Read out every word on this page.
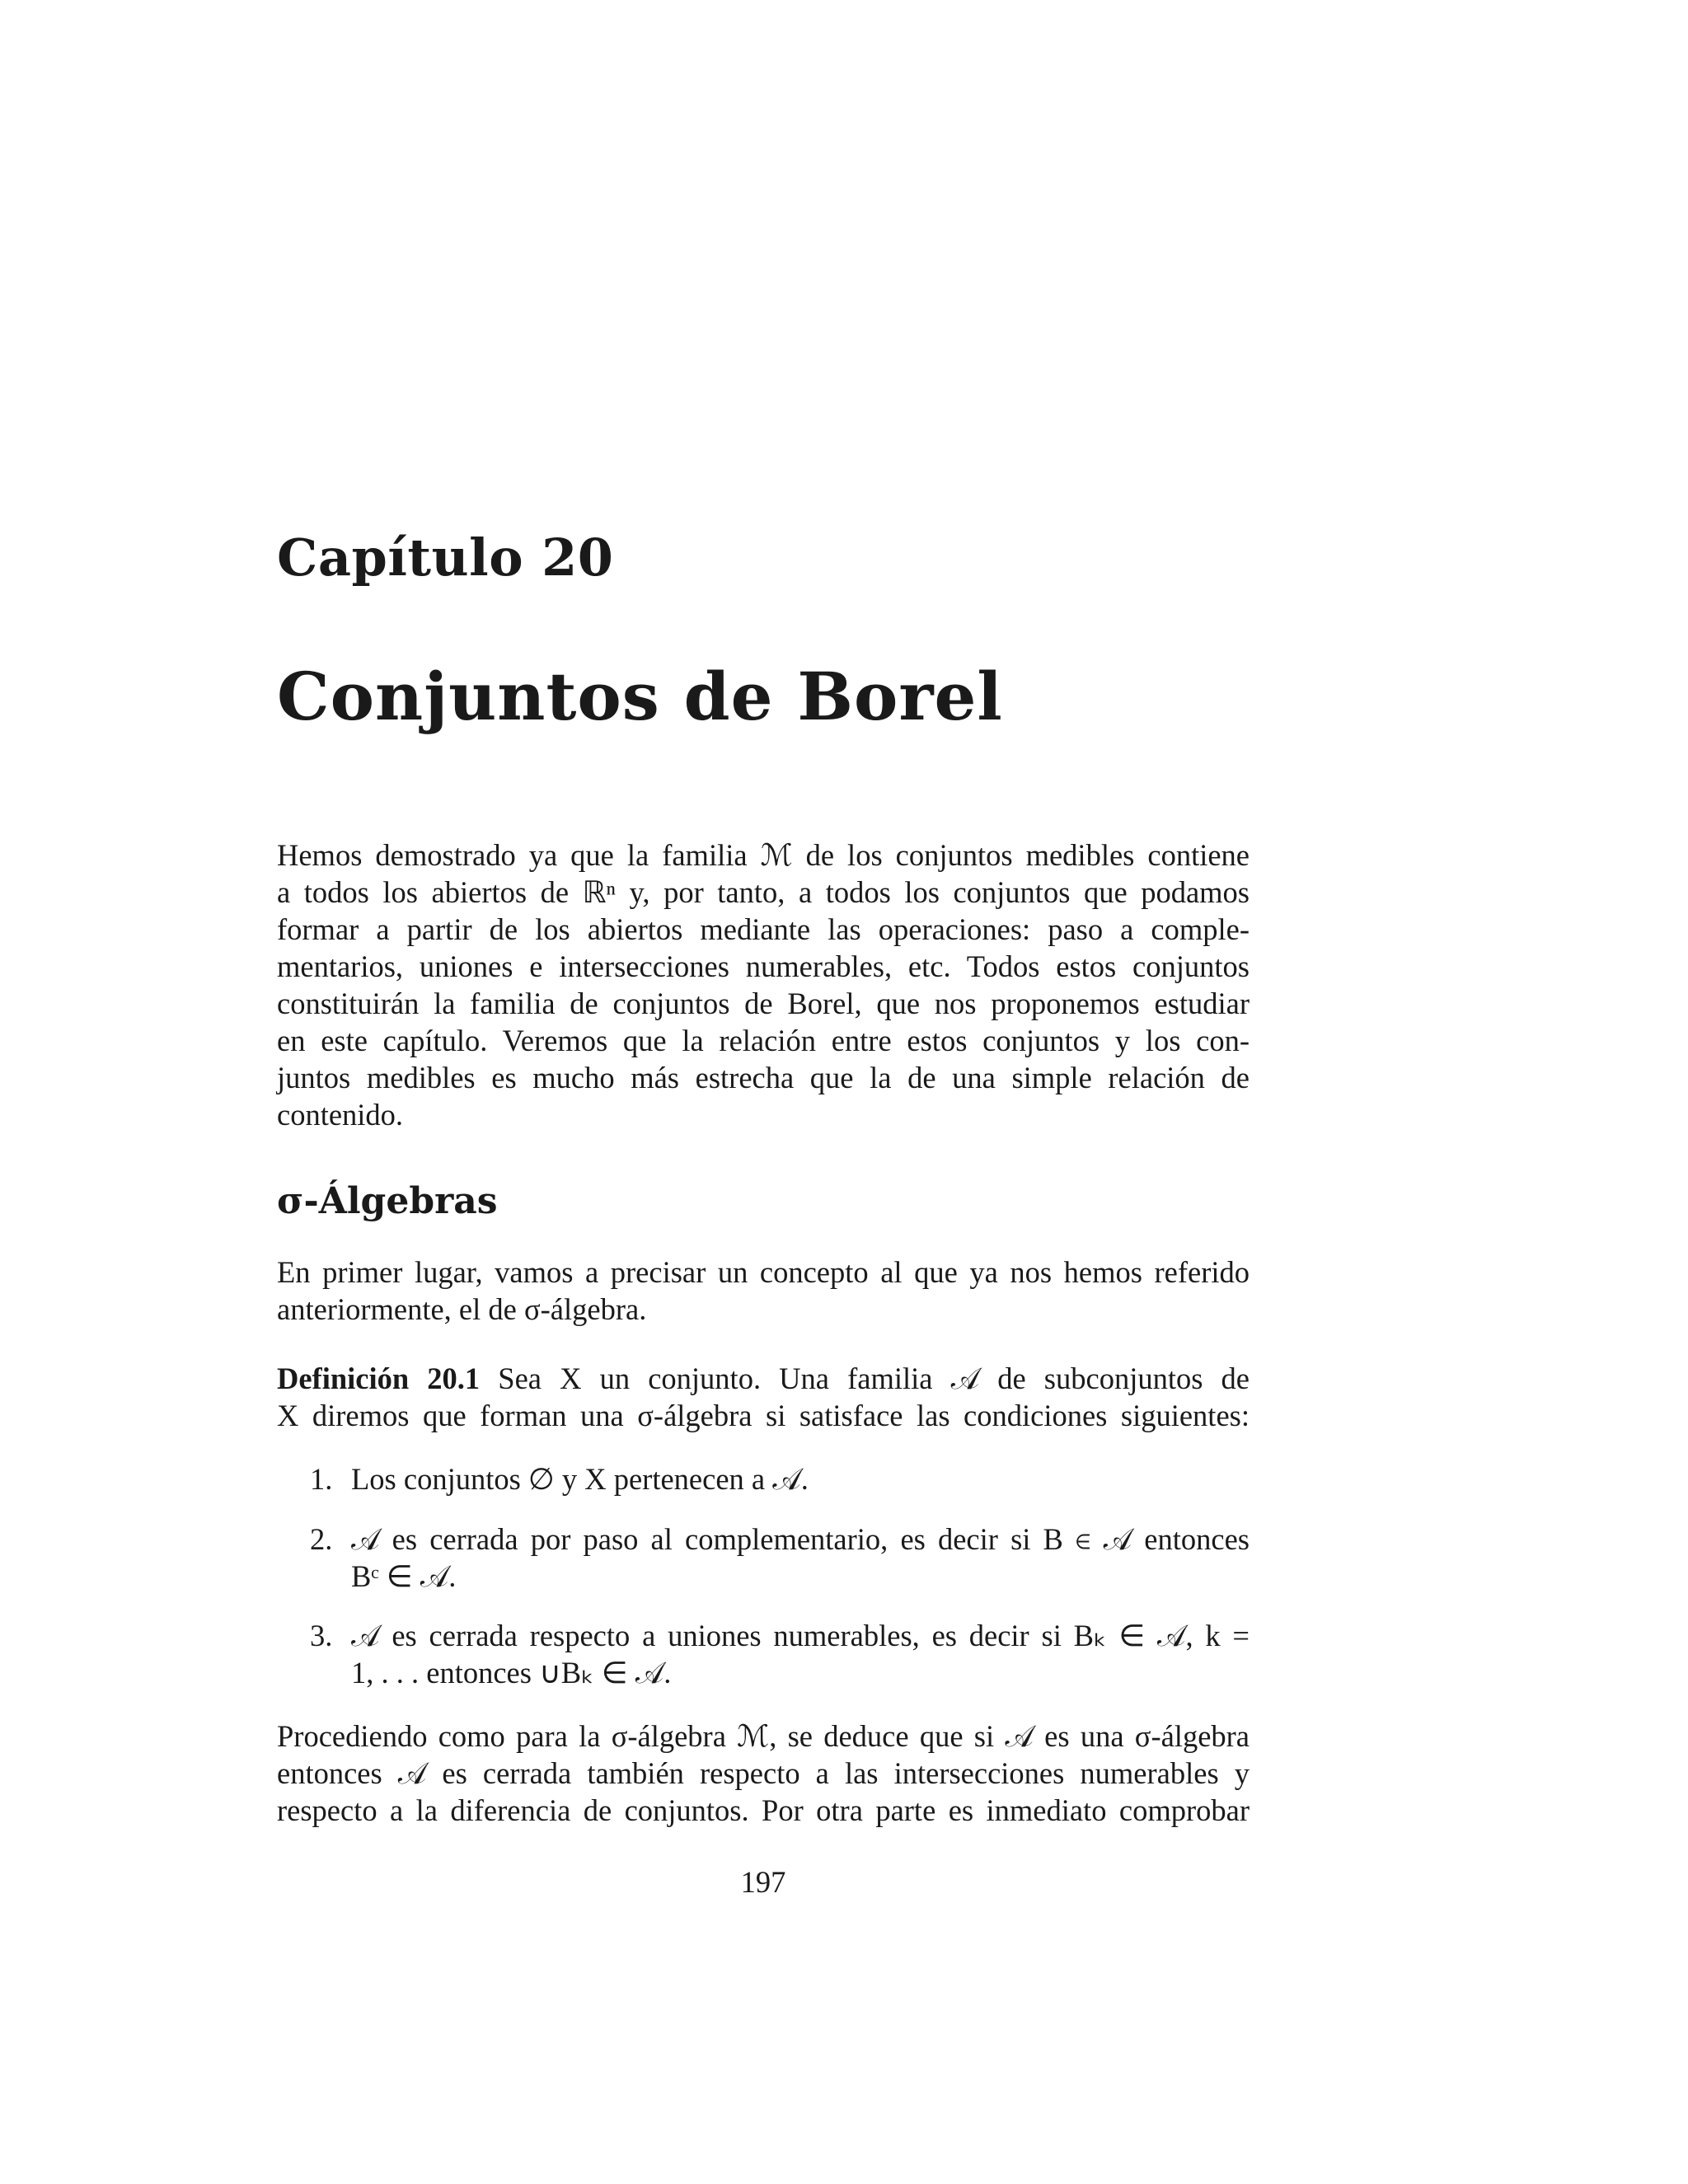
Capítulo 20
Conjuntos de Borel
Hemos demostrado ya que la familia ℳ de los conjuntos medibles contiene
a todos los abiertos de ℝⁿ y, por tanto, a todos los conjuntos que podamos
formar a partir de los abiertos mediante las operaciones: paso a comple-
mentarios, uniones e intersecciones numerables, etc. Todos estos conjuntos
constituirán la familia de conjuntos de Borel, que nos proponemos estudiar
en este capítulo. Veremos que la relación entre estos conjuntos y los con-
juntos medibles es mucho más estrecha que la de una simple relación de
contenido.
σ-Álgebras
En primer lugar, vamos a precisar un concepto al que ya nos hemos referido
anteriormente, el de σ-álgebra.
Definición 20.1 Sea X un conjunto. Una familia 𝒜 de subconjuntos de
X diremos que forman una σ-álgebra si satisface las condiciones siguientes:
1. Los conjuntos ∅ y X pertenecen a 𝒜.
2. 𝒜 es cerrada por paso al complementario, es decir si B ∈ 𝒜 entonces
Bᶜ ∈ 𝒜.
3. 𝒜 es cerrada respecto a uniones numerables, es decir si Bₖ ∈ 𝒜, k =
1, . . . entonces ∪Bₖ ∈ 𝒜.
Procediendo como para la σ-álgebra ℳ, se deduce que si 𝒜 es una σ-álgebra
entonces 𝒜 es cerrada también respecto a las intersecciones numerables y
respecto a la diferencia de conjuntos. Por otra parte es inmediato comprobar
197
